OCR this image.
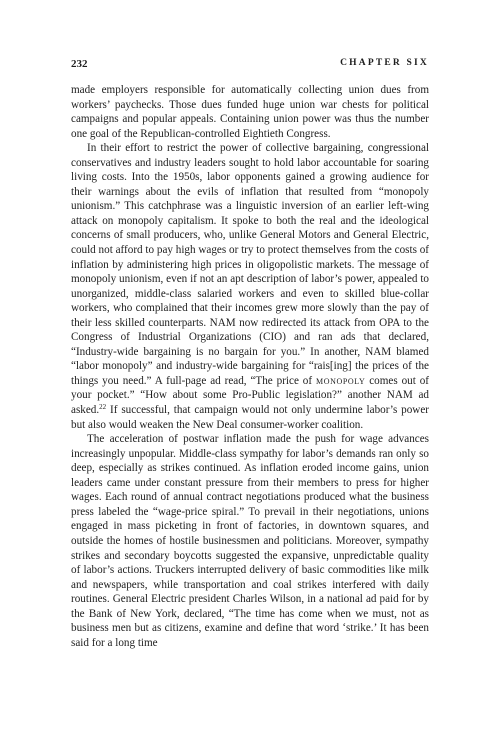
232	CHAPTER SIX

made employers responsible for automatically collecting union dues from workers’ paychecks. Those dues funded huge union war chests for political campaigns and popular appeals. Containing union power was thus the number one goal of the Republican-controlled Eightieth Congress.

In their effort to restrict the power of collective bargaining, congressional conservatives and industry leaders sought to hold labor accountable for soaring living costs. Into the 1950s, labor opponents gained a growing audience for their warnings about the evils of inflation that resulted from “monopoly unionism.” This catchphrase was a linguistic inversion of an earlier left-wing attack on monopoly capitalism. It spoke to both the real and the ideological concerns of small producers, who, unlike General Motors and General Electric, could not afford to pay high wages or try to protect themselves from the costs of inflation by administering high prices in oligopolistic markets. The message of monopoly unionism, even if not an apt description of labor’s power, appealed to unorganized, middle-class salaried workers and even to skilled blue-collar workers, who complained that their incomes grew more slowly than the pay of their less skilled counterparts. NAM now redirected its attack from OPA to the Congress of Industrial Organizations (CIO) and ran ads that declared, “Industry-wide bargaining is no bargain for you.” In another, NAM blamed “labor monopoly” and industry-wide bargaining for “rais[ing] the prices of the things you need.” A full-page ad read, “The price of monopoly comes out of your pocket.” “How about some Pro-Public legislation?” another NAM ad asked.$^{22}$ If successful, that campaign would not only undermine labor’s power but also would weaken the New Deal consumer-worker coalition.

The acceleration of postwar inflation made the push for wage advances increasingly unpopular. Middle-class sympathy for labor’s demands ran only so deep, especially as strikes continued. As inflation eroded income gains, union leaders came under constant pressure from their members to press for higher wages. Each round of annual contract negotiations produced what the business press labeled the “wage-price spiral.” To prevail in their negotiations, unions engaged in mass picketing in front of factories, in downtown squares, and outside the homes of hostile businessmen and politicians. Moreover, sympathy strikes and secondary boycotts suggested the expansive, unpredictable quality of labor’s actions. Truckers interrupted delivery of basic commodities like milk and newspapers, while transportation and coal strikes interfered with daily routines. General Electric president Charles Wilson, in a national ad paid for by the Bank of New York, declared, “The time has come when we must, not as business men but as citizens, examine and define that word ‘strike.’ It has been said for a long time
